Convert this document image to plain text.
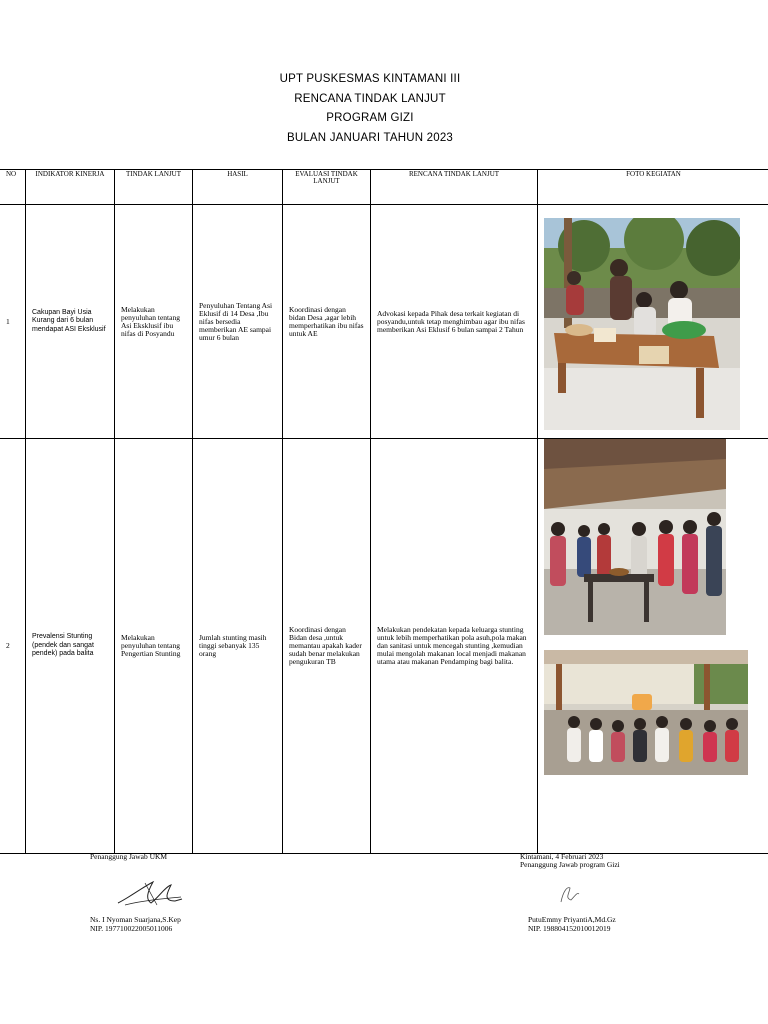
UPT PUSKESMAS KINTAMANI III
RENCANA TINDAK LANJUT
PROGRAM GIZI
BULAN JANUARI TAHUN 2023
NO	INDIKATOR KINERJA	TINDAK LANJUT	HASIL	EVALUASI TINDAK LANJUT	RENCANA TINDAK LANJUT	FOTO KEGIATAN
1	Cakupan Bayi Usia Kurang dari 6 bulan mendapat ASI Eksklusif	Melakukan penyuluhan tentang Asi Eksklusif ibu nifas di Posyandu	Penyuluhan Tentang Asi Eklusif di 14 Desa ,Ibu nifas bersedia memberikan AE sampai umur 6 bulan	Koordinasi dengan bidan Desa ,agar lebih memperhatikan ibu nifas untuk AE	Advokasi kepada Pihak desa terkait kegiatan di posyandu,untuk tetap menghimbau agar ibu nifas memberikan Asi Eklusif 6 bulan sampai 2 Tahun	

2	Prevalensi Stunting (pendek dan sangat pendek) pada balita	Melakukan penyuluhan tentang Pengertian Stunting	Jumlah stunting masih tinggi sebanyak 135 orang	Koordinasi dengan Bidan desa ,untuk memantau apakah kader sudah benar melakukan pengukuran TB	Melakukan pendekatan kepada keluarga stunting untuk lebih memperhatikan pola asuh,pola makan dan sanitasi untuk mencegah stunting ,kemudian mulai mengolah makanan local menjadi makanan utama atau makanan Pendamping bagi balita.	
Penanggung Jawab UKM
Ns. I Nyoman Suarjana,S.Kep
NIP. 197710022005011006
Kintamani, 4 Februari 2023
Penanggung Jawab program Gizi
PutuEmmy PriyantiA,Md.Gz
NIP. 198804152010012019
